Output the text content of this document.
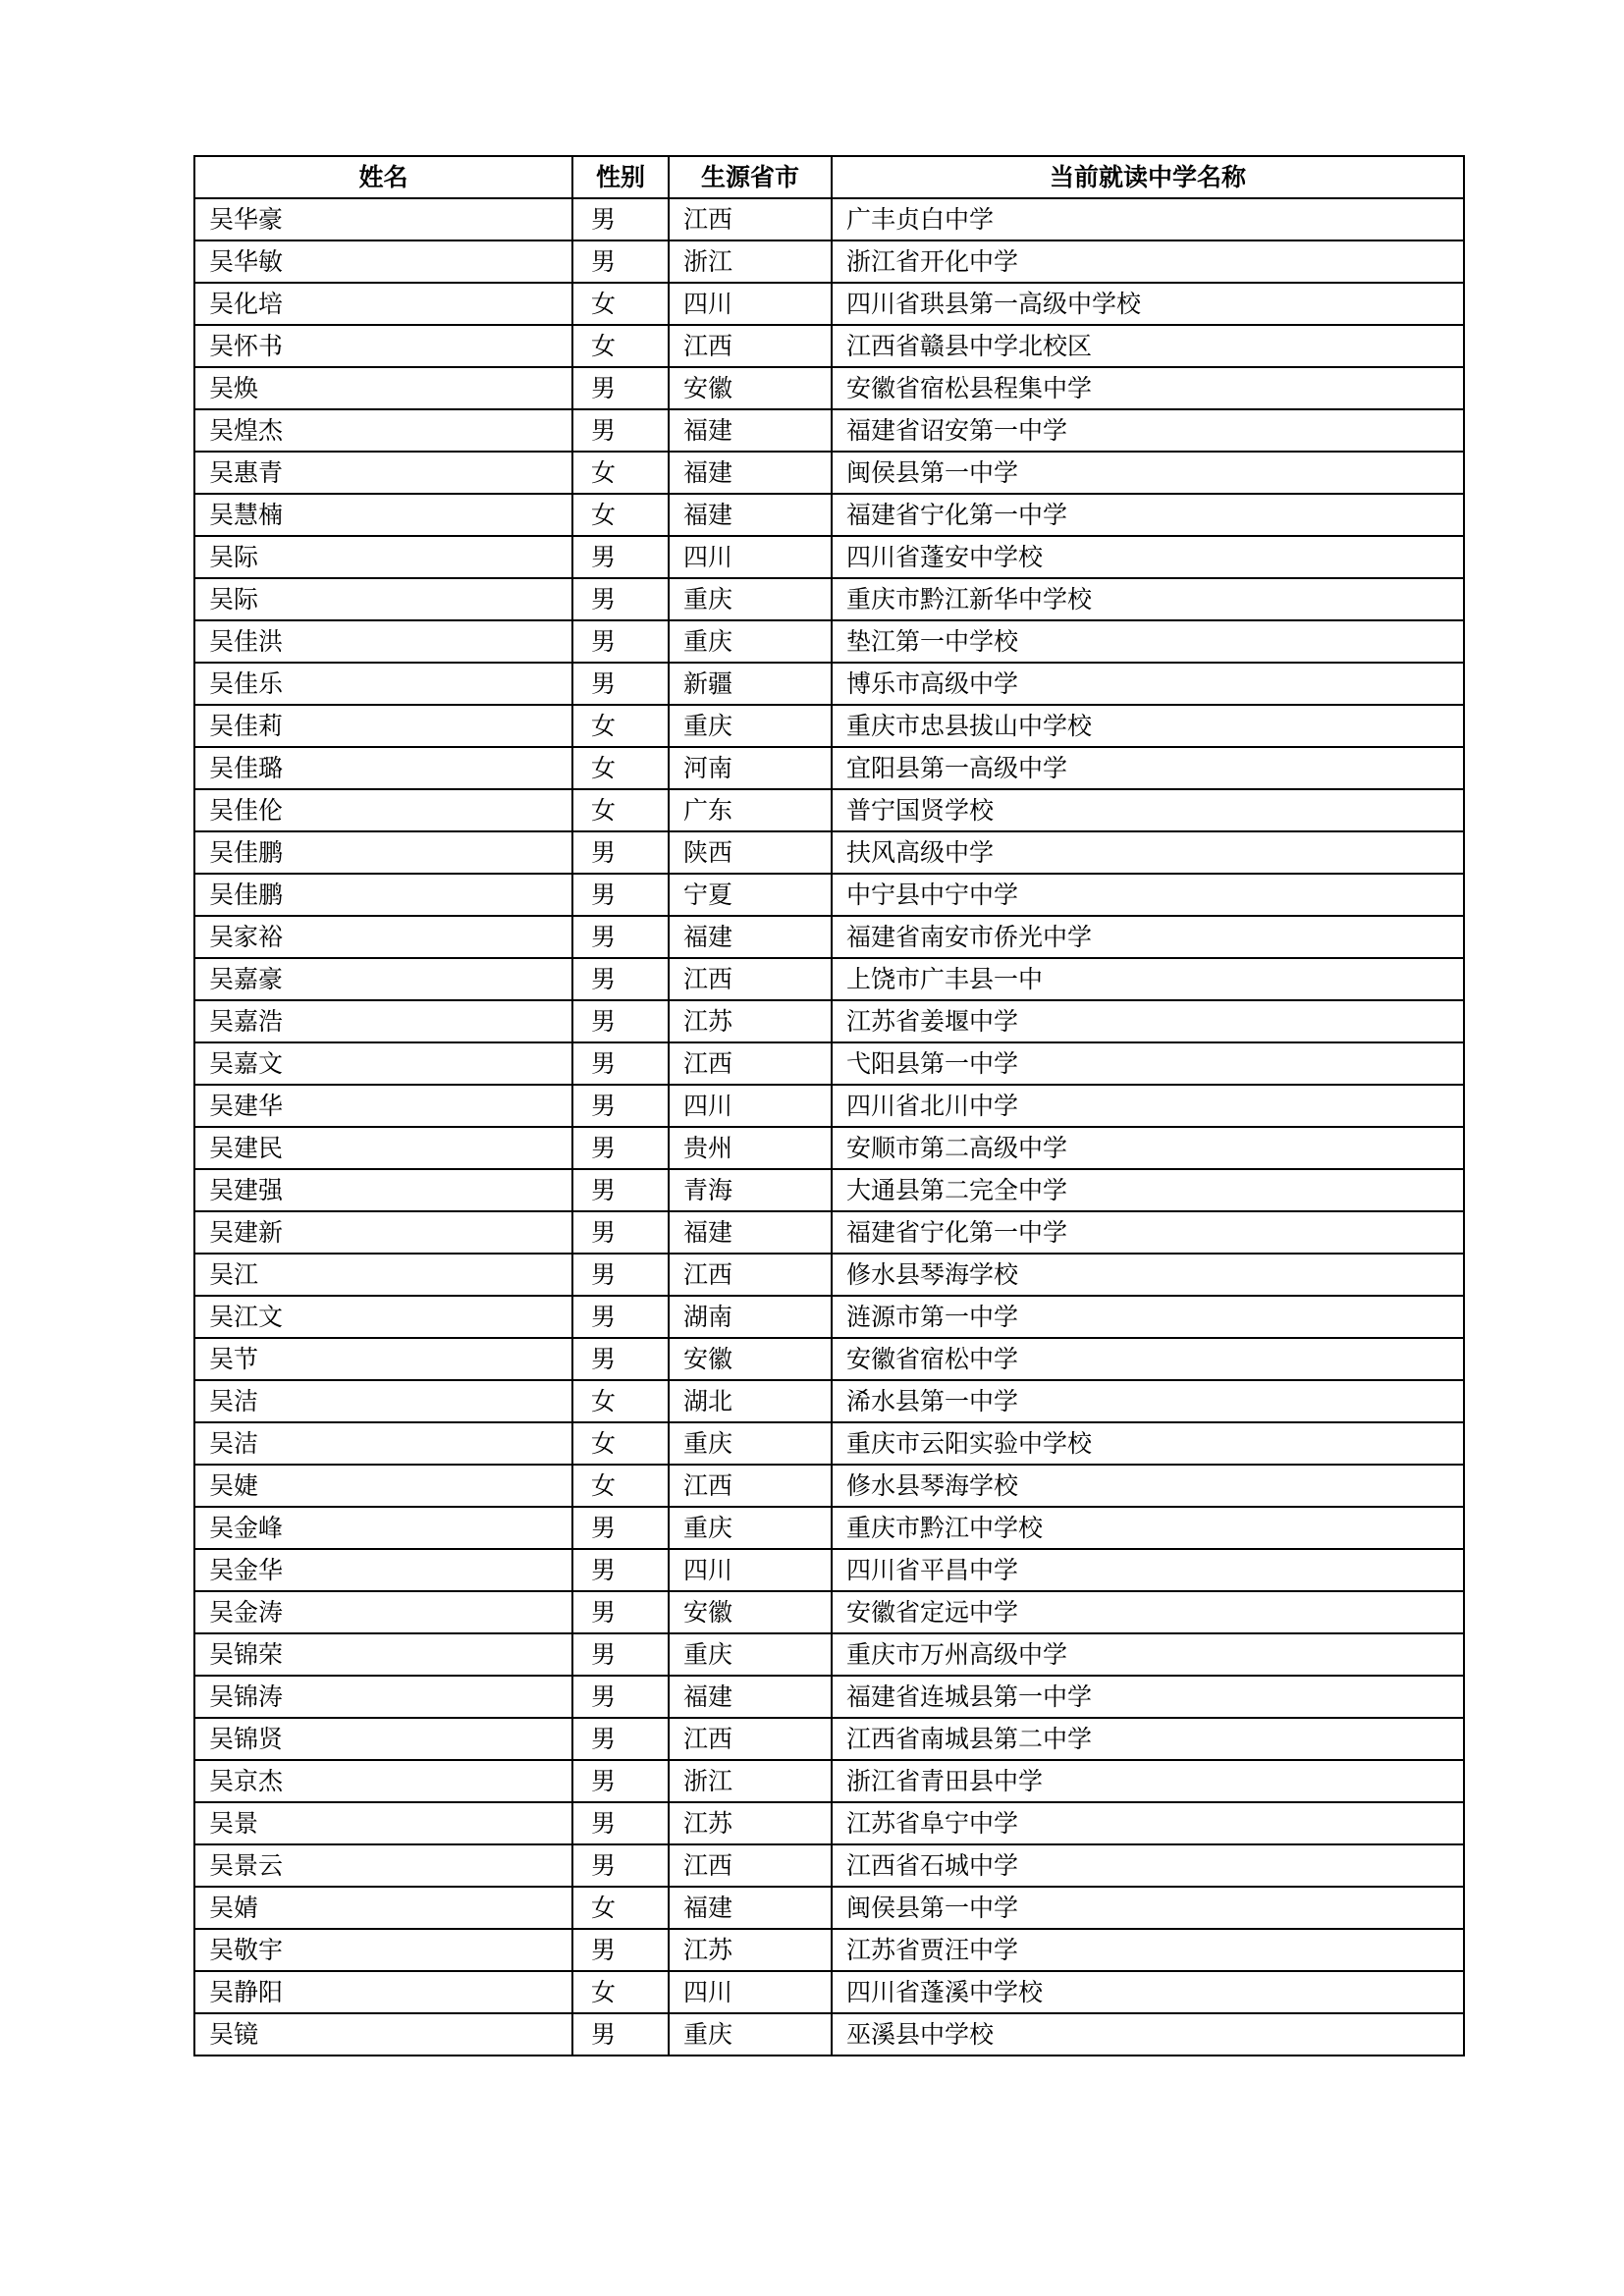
姓名	性别	生源省市	当前就读中学名称
吴华豪	男	江西	广丰贞白中学
吴华敏	男	浙江	浙江省开化中学
吴化培	女	四川	四川省珙县第一高级中学校
吴怀书	女	江西	江西省赣县中学北校区
吴焕	男	安徽	安徽省宿松县程集中学
吴煌杰	男	福建	福建省诏安第一中学
吴惠青	女	福建	闽侯县第一中学
吴慧楠	女	福建	福建省宁化第一中学
吴际	男	四川	四川省蓬安中学校
吴际	男	重庆	重庆市黔江新华中学校
吴佳洪	男	重庆	垫江第一中学校
吴佳乐	男	新疆	博乐市高级中学
吴佳莉	女	重庆	重庆市忠县拔山中学校
吴佳璐	女	河南	宜阳县第一高级中学
吴佳伦	女	广东	普宁国贤学校
吴佳鹏	男	陕西	扶风高级中学
吴佳鹏	男	宁夏	中宁县中宁中学
吴家裕	男	福建	福建省南安市侨光中学
吴嘉豪	男	江西	上饶市广丰县一中
吴嘉浩	男	江苏	江苏省姜堰中学
吴嘉文	男	江西	弋阳县第一中学
吴建华	男	四川	四川省北川中学
吴建民	男	贵州	安顺市第二高级中学
吴建强	男	青海	大通县第二完全中学
吴建新	男	福建	福建省宁化第一中学
吴江	男	江西	修水县琴海学校
吴江文	男	湖南	涟源市第一中学
吴节	男	安徽	安徽省宿松中学
吴洁	女	湖北	浠水县第一中学
吴洁	女	重庆	重庆市云阳实验中学校
吴婕	女	江西	修水县琴海学校
吴金峰	男	重庆	重庆市黔江中学校
吴金华	男	四川	四川省平昌中学
吴金涛	男	安徽	安徽省定远中学
吴锦荣	男	重庆	重庆市万州高级中学
吴锦涛	男	福建	福建省连城县第一中学
吴锦贤	男	江西	江西省南城县第二中学
吴京杰	男	浙江	浙江省青田县中学
吴景	男	江苏	江苏省阜宁中学
吴景云	男	江西	江西省石城中学
吴婧	女	福建	闽侯县第一中学
吴敬宇	男	江苏	江苏省贾汪中学
吴静阳	女	四川	四川省蓬溪中学校
吴镜	男	重庆	巫溪县中学校
